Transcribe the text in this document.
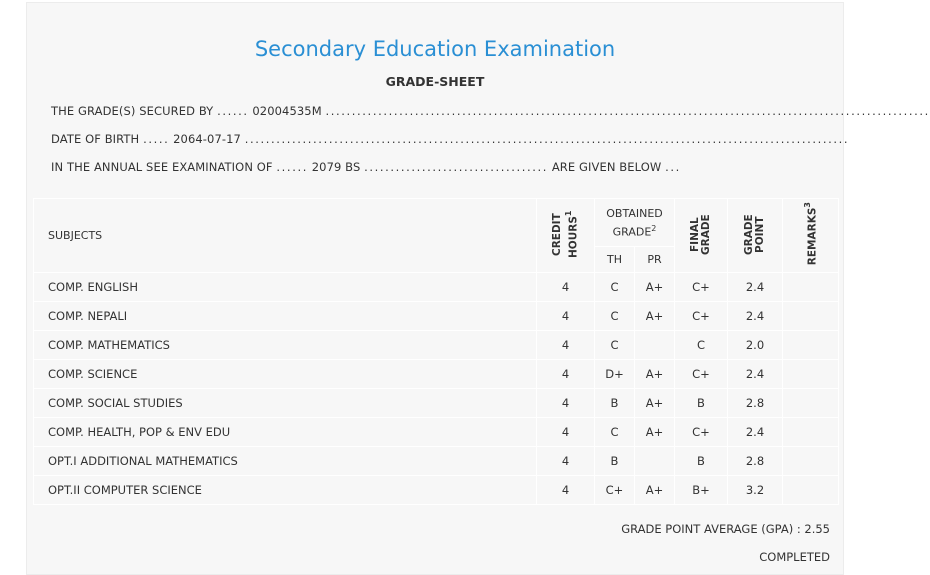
Secondary Education Examination
GRADE-SHEET
THE GRADE(S) SECURED BY ...... 02004535M ...................................................................................................................
DATE OF BIRTH ..... 2064-07-17 ...................................................................................................................
IN THE ANNUAL SEE EXAMINATION OF ...... 2079 BS ................................... ARE GIVEN BELOW ...
SUBJECTS	CREDIT HOURS$^1$	OBTAINED GRADE$^2$		FINAL GRADE	GRADE POINT	REMARKS$^3$
		TH	PR			
COMP. ENGLISH	4	C	A+	C+	2.4	
COMP. NEPALI	4	C	A+	C+	2.4	
COMP. MATHEMATICS	4	C		C	2.0	
COMP. SCIENCE	4	D+	A+	C+	2.4	
COMP. SOCIAL STUDIES	4	B	A+	B	2.8	
COMP. HEALTH, POP & ENV EDU	4	C	A+	C+	2.4	
OPT.I ADDITIONAL MATHEMATICS	4	B		B	2.8	
OPT.II COMPUTER SCIENCE	4	C+	A+	B+	3.2	
GRADE POINT AVERAGE (GPA) : 2.55
COMPLETED
